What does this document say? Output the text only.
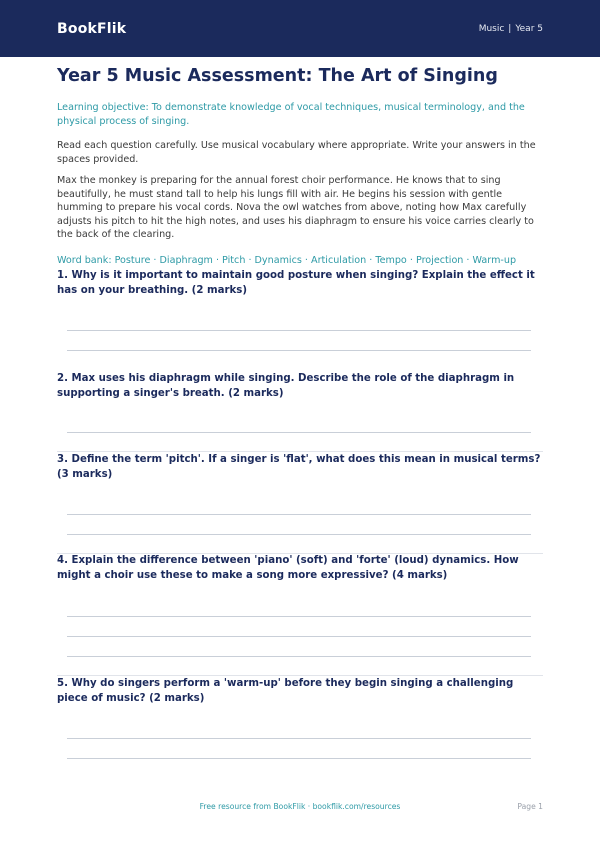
BookFlik	Music | Year 5
Year 5 Music Assessment: The Art of Singing

Learning objective: To demonstrate knowledge of vocal techniques, musical terminology, and the physical process of singing.

Read each question carefully. Use musical vocabulary where appropriate. Write your answers in the spaces provided.

Max the monkey is preparing for the annual forest choir performance. He knows that to sing beautifully, he must stand tall to help his lungs fill with air. He begins his session with gentle humming to prepare his vocal cords. Nova the owl watches from above, noting how Max carefully adjusts his pitch to hit the high notes, and uses his diaphragm to ensure his voice carries clearly to the back of the clearing.

Word bank: Posture · Diaphragm · Pitch · Dynamics · Articulation · Tempo · Projection · Warm-up

1. Why is it important to maintain good posture when singing? Explain the effect it has on your breathing. (2 marks)
2. Max uses his diaphragm while singing. Describe the role of the diaphragm in supporting a singer's breath. (2 marks)
3. Define the term 'pitch'. If a singer is 'flat', what does this mean in musical terms? (3 marks)
4. Explain the difference between 'piano' (soft) and 'forte' (loud) dynamics. How might a choir use these to make a song more expressive? (4 marks)
5. Why do singers perform a 'warm-up' before they begin singing a challenging piece of music? (2 marks)
Free resource from BookFlik · bookflik.com/resources	Page 1
